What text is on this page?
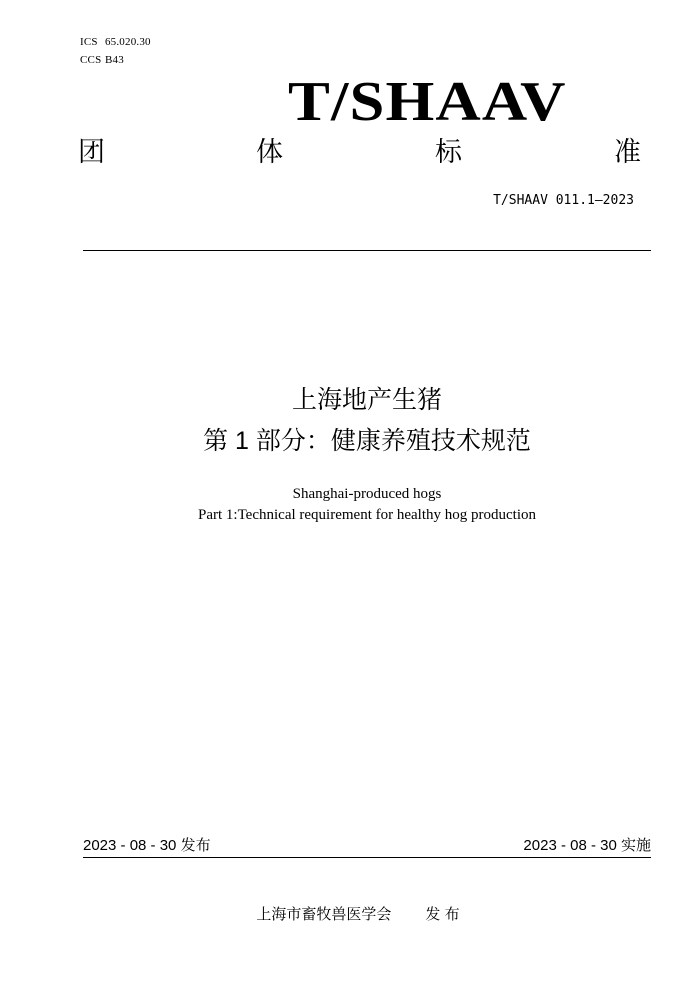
ICS 65.020.30
CCS B43
T/SHAAV
团	体	标	准
T/SHAAV 011.1—2023
上海地产生猪
第 1 部分：健康养殖技术规范
Shanghai-produced hogs
Part 1:Technical requirement for healthy hog production
2023 - 08 - 30 发布	2023 - 08 - 30 实施
上海市畜牧兽医学会 发 布
